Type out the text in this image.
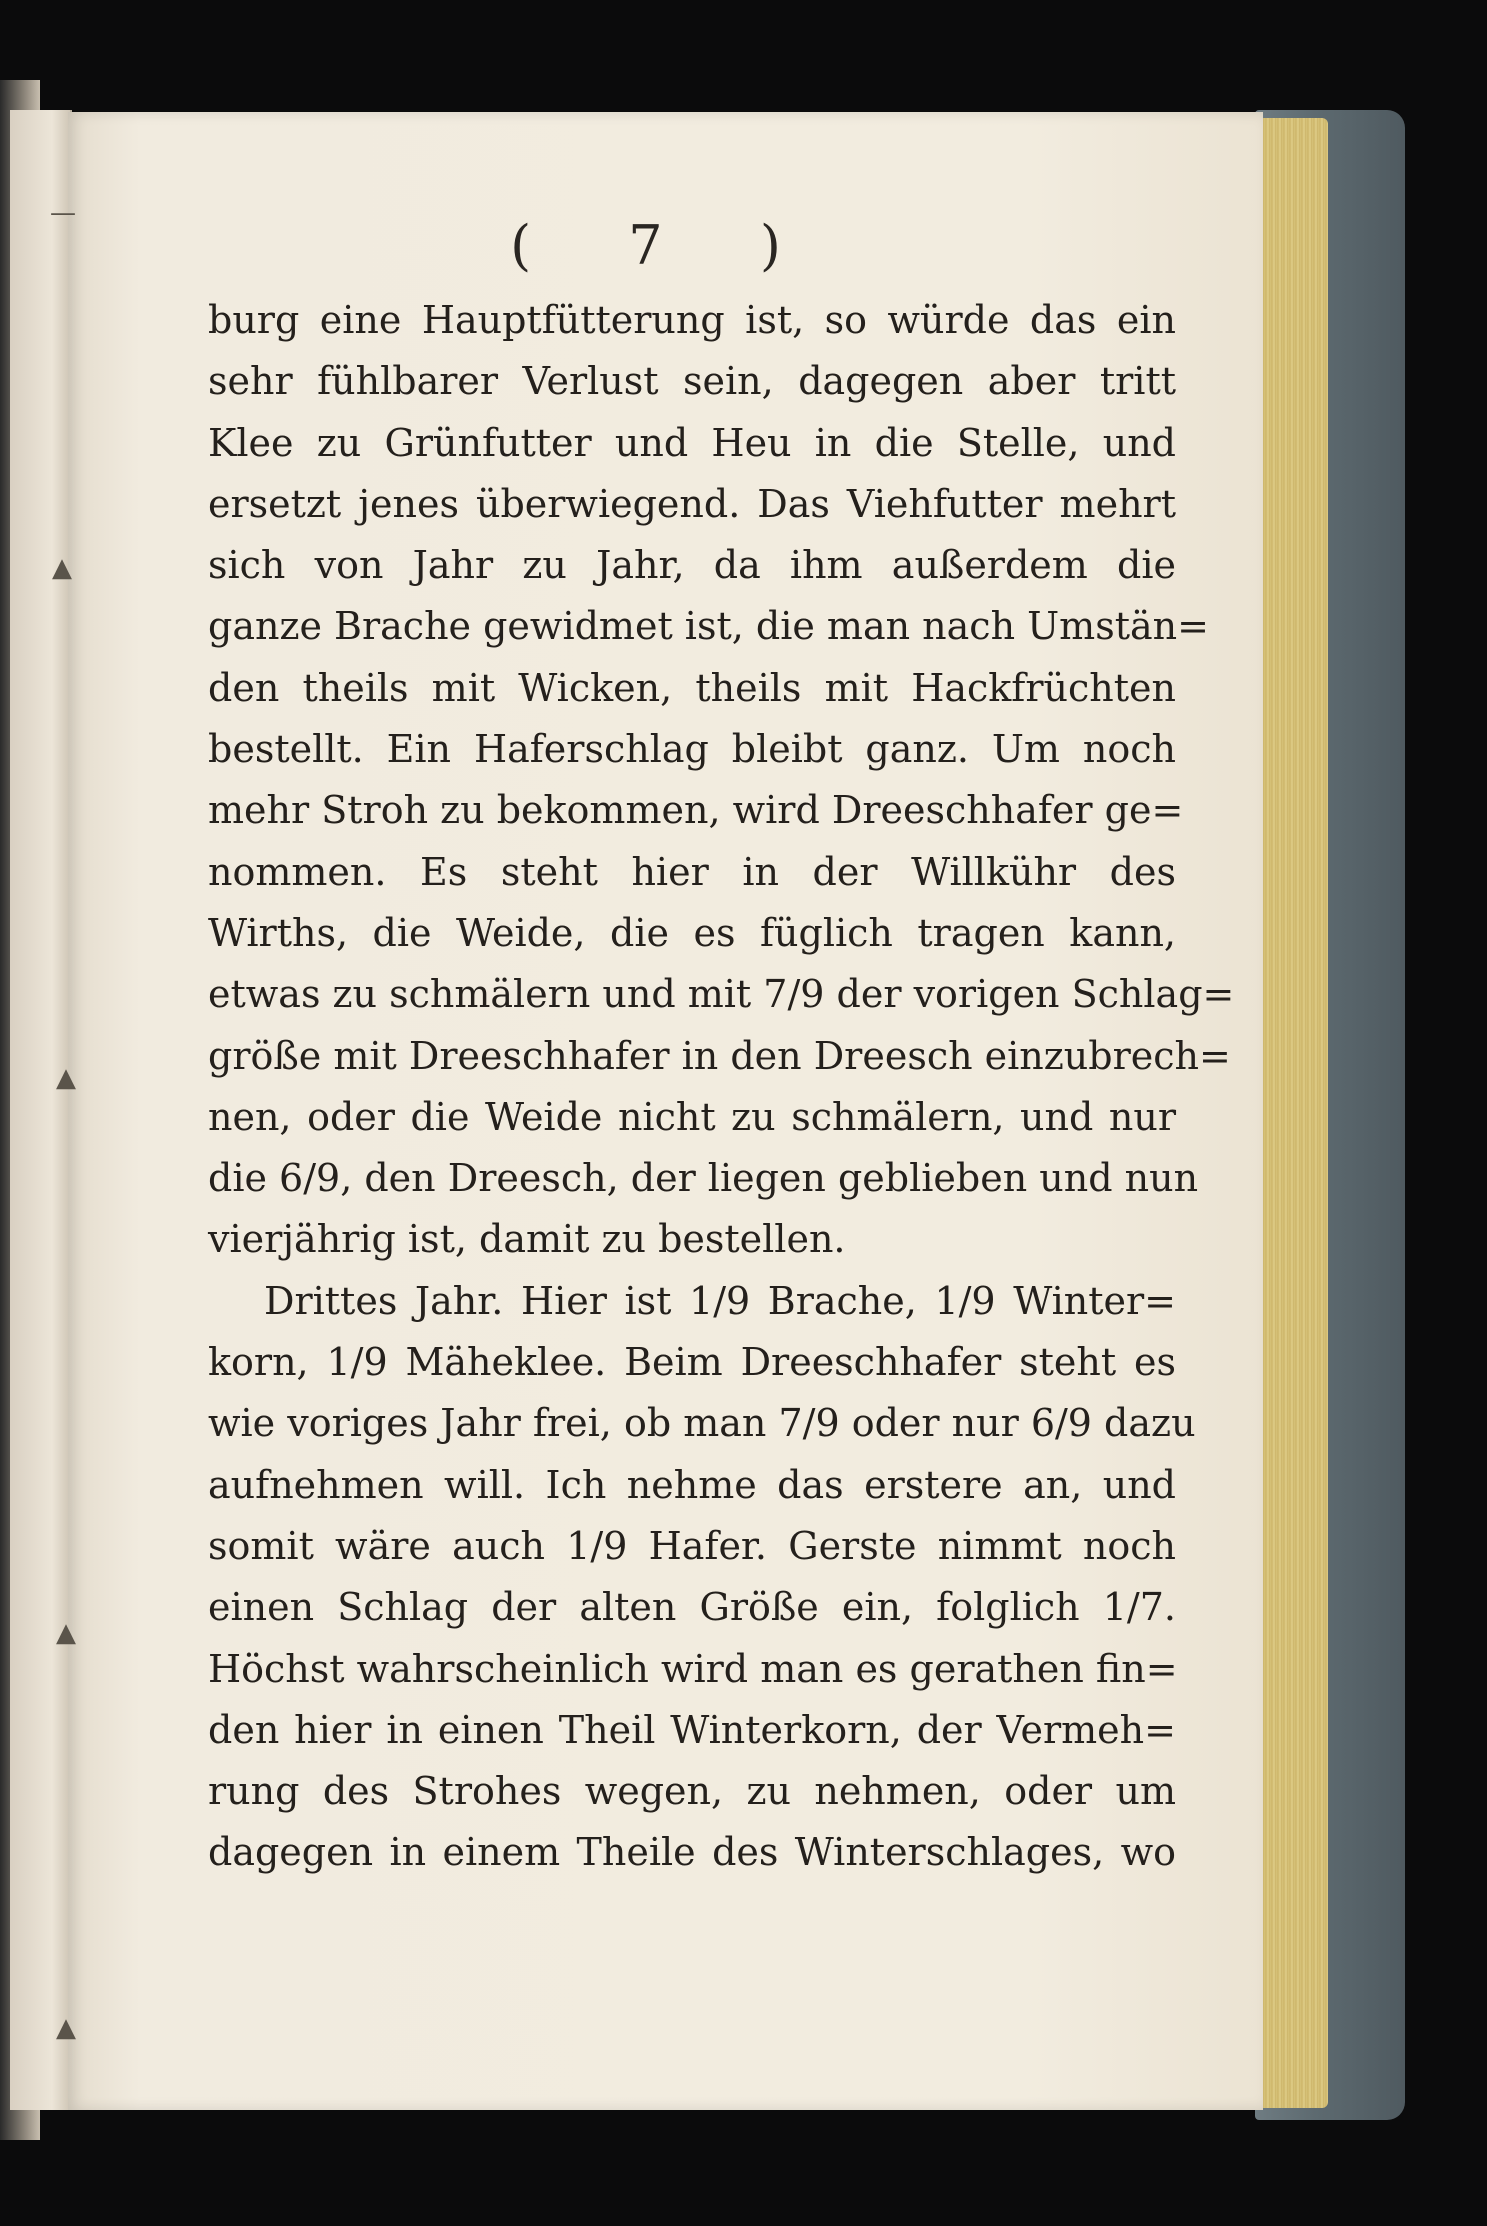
( 7 )
burg eine Hauptfütterung ist, so würde das ein
sehr fühlbarer Verlust sein, dagegen aber tritt
Klee zu Grünfutter und Heu in die Stelle, und
ersetzt jenes überwiegend. Das Viehfutter mehrt
sich von Jahr zu Jahr, da ihm außerdem die
ganze Brache gewidmet ist, die man nach Umstän=
den theils mit Wicken, theils mit Hackfrüchten
bestellt. Ein Haferschlag bleibt ganz. Um noch
mehr Stroh zu bekommen, wird Dreeschhafer ge=
nommen. Es steht hier in der Willkühr des
Wirths, die Weide, die es füglich tragen kann,
etwas zu schmälern und mit 7/9 der vorigen Schlag=
größe mit Dreeschhafer in den Dreesch einzubrech=
nen, oder die Weide nicht zu schmälern, und nur
die 6/9, den Dreesch, der liegen geblieben und nun
vierjährig ist, damit zu bestellen.
Drittes Jahr. Hier ist 1/9 Brache, 1/9 Winter=
korn, 1/9 Mäheklee. Beim Dreeschhafer steht es
wie voriges Jahr frei, ob man 7/9 oder nur 6/9 dazu
aufnehmen will. Ich nehme das erstere an, und
somit wäre auch 1/9 Hafer. Gerste nimmt noch
einen Schlag der alten Größe ein, folglich 1/7.
Höchst wahrscheinlich wird man es gerathen fin=
den hier in einen Theil Winterkorn, der Vermeh=
rung des Strohes wegen, zu nehmen, oder um
dagegen in einem Theile des Winterschlages, wo
—
▲
▲
▲
▲
